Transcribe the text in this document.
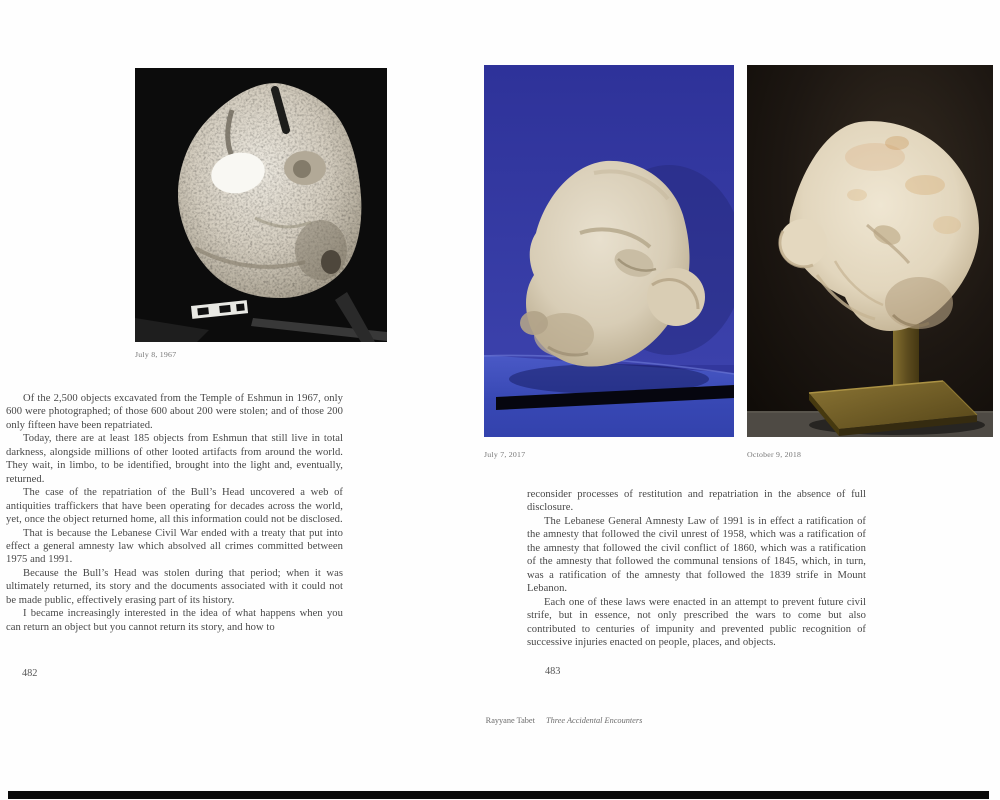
July 8, 1967

Of the 2,500 objects excavated from the Temple of Eshmun in 1967, only 600 were photographed; of those 600 about 200 were stolen; and of those 200 only fifteen have been repatriated.

Today, there are at least 185 objects from Eshmun that still live in total darkness, alongside millions of other looted artifacts from around the world. They wait, in limbo, to be identified, brought into the light and, eventually, returned.

The case of the repatriation of the Bull’s Head uncovered a web of antiquities traffickers that have been operating for decades across the world, yet, once the object returned home, all this information could not be disclosed.

That is because the Lebanese Civil War ended with a treaty that put into effect a general amnesty law which absolved all crimes committed between 1975 and 1991.

Because the Bull’s Head was stolen during that period; when it was ultimately returned, its story and the documents associated with it could not be made public, effectively erasing part of its history.

I became increasingly interested in the idea of what happens when you can return an object but you cannot return its story, and how to

482
July 7, 2017	October 9, 2018

reconsider processes of restitution and repatriation in the absence of full disclosure.

The Lebanese General Amnesty Law of 1991 is in effect a ratification of the amnesty that followed the civil unrest of 1958, which was a ratification of the amnesty that followed the civil conflict of 1860, which was a ratification of the amnesty that followed the communal tensions of 1845, which, in turn, was a ratification of the amnesty that followed the 1839 strife in Mount Lebanon.

Each one of these laws were enacted in an attempt to prevent future civil strife, but in essence, not only prescribed the wars to come but also contributed to centuries of impunity and prevented public recognition of successive injuries enacted on people, places, and objects.

483
Rayyane Tabet Three Accidental Encounters
